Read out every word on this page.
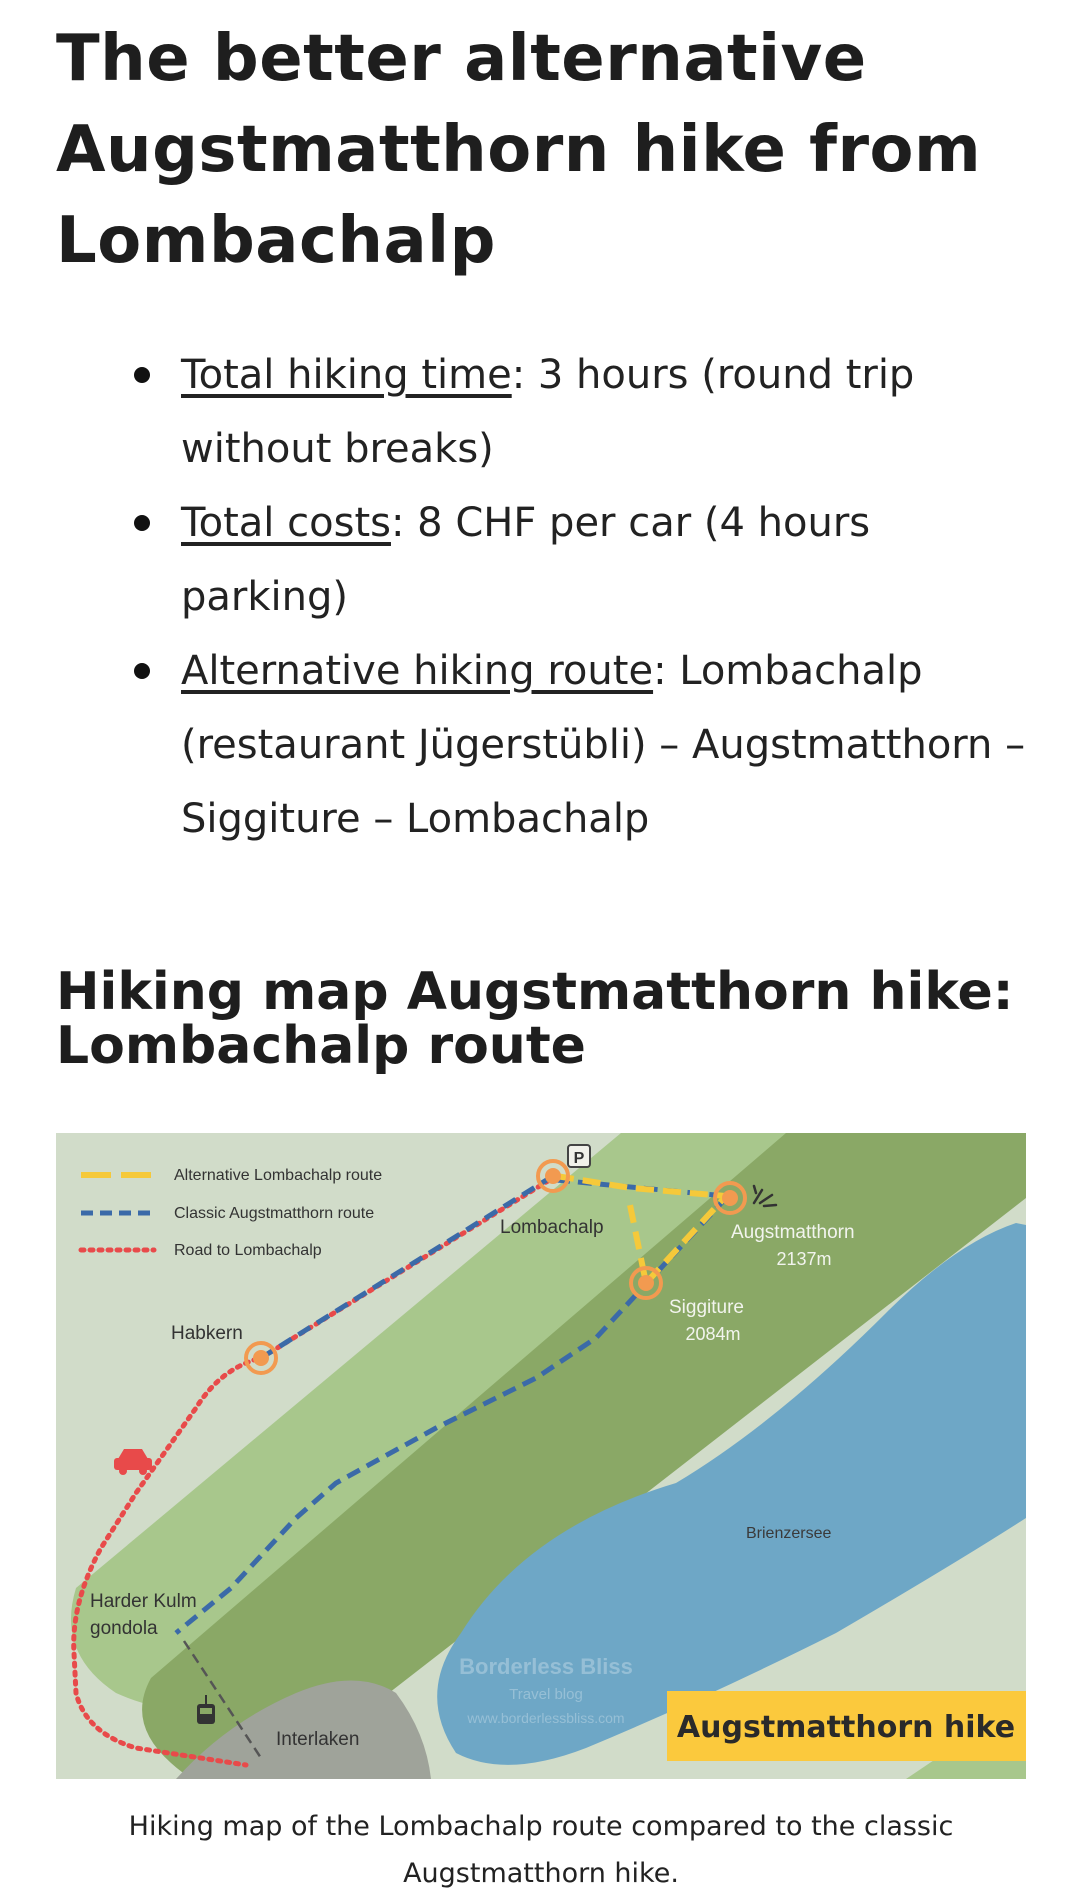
The better alternative Augstmatthorn hike from Lombachalp
Total hiking time: 3 hours (round trip without breaks)
Total costs: 8 CHF per car (4 hours parking)
Alternative hiking route: Lombachalp (restaurant Jügerstübli) – Augstmatthorn – Siggiture – Lombachalp
Hiking map Augstmatthorn hike: Lombachalp route
P
Alternative Lombachalp route
Classic Augstmatthorn route
Road to Lombachalp
Lombachalp	Augstmatthorn
2137m
Siggiture
2084m
Habkern
Harder Kulm
gondola
Interlaken
Brienzersee
Borderless Bliss
Travel blog
www.borderlessbliss.com Augstmatthorn hike
Hiking map of the Lombachalp route compared to the classic Augstmatthorn hike.
